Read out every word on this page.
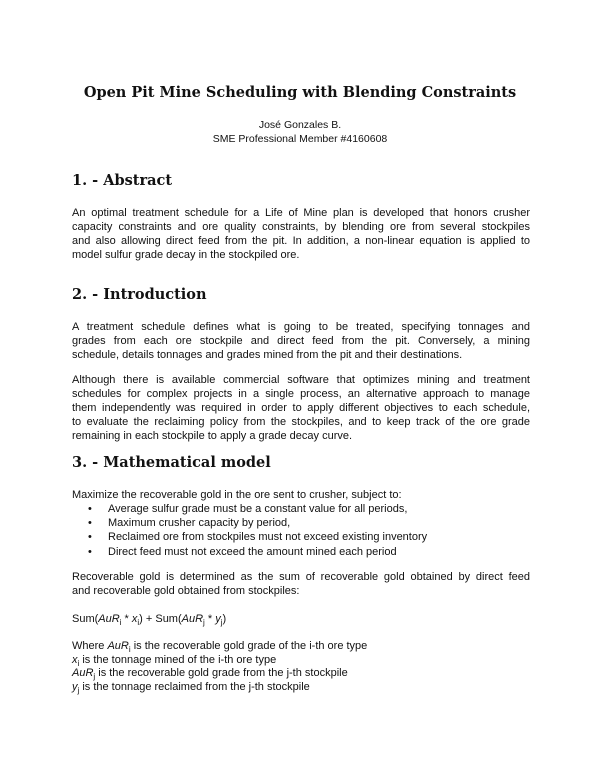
Open Pit Mine Scheduling with Blending Constraints
José Gonzales B.
SME Professional Member #4160608
1. - Abstract

An optimal treatment schedule for a Life of Mine plan is developed that honors crusher
capacity constraints and ore quality constraints, by blending ore from several stockpiles
and also allowing direct feed from the pit. In addition, a non-linear equation is applied to
model sulfur grade decay in the stockpiled ore.

2. - Introduction

A treatment schedule defines what is going to be treated, specifying tonnages and
grades from each ore stockpile and direct feed from the pit. Conversely, a mining
schedule, details tonnages and grades mined from the pit and their destinations.

Although there is available commercial software that optimizes mining and treatment
schedules for complex projects in a single process, an alternative approach to manage
them independently was required in order to apply different objectives to each schedule,
to evaluate the reclaiming policy from the stockpiles, and to keep track of the ore grade
remaining in each stockpile to apply a grade decay curve.

3. - Mathematical model

Maximize the recoverable gold in the ore sent to crusher, subject to:

• Average sulfur grade must be a constant value for all periods,
• Maximum crusher capacity by period,
• Reclaimed ore from stockpiles must not exceed existing inventory
• Direct feed must not exceed the amount mined each period

Recoverable gold is determined as the sum of recoverable gold obtained by direct feed
and recoverable gold obtained from stockpiles:

$Sum(AuR_i * x_i) + Sum(AuR_j * y_j)$
Where AuR$_i$ is the recoverable gold grade of the i-th ore type
$x_i$ is the tonnage mined of the i-th ore type
AuR$_j$ is the recoverable gold grade from the j-th stockpile
$y_j$ is the tonnage reclaimed from the j-th stockpile
